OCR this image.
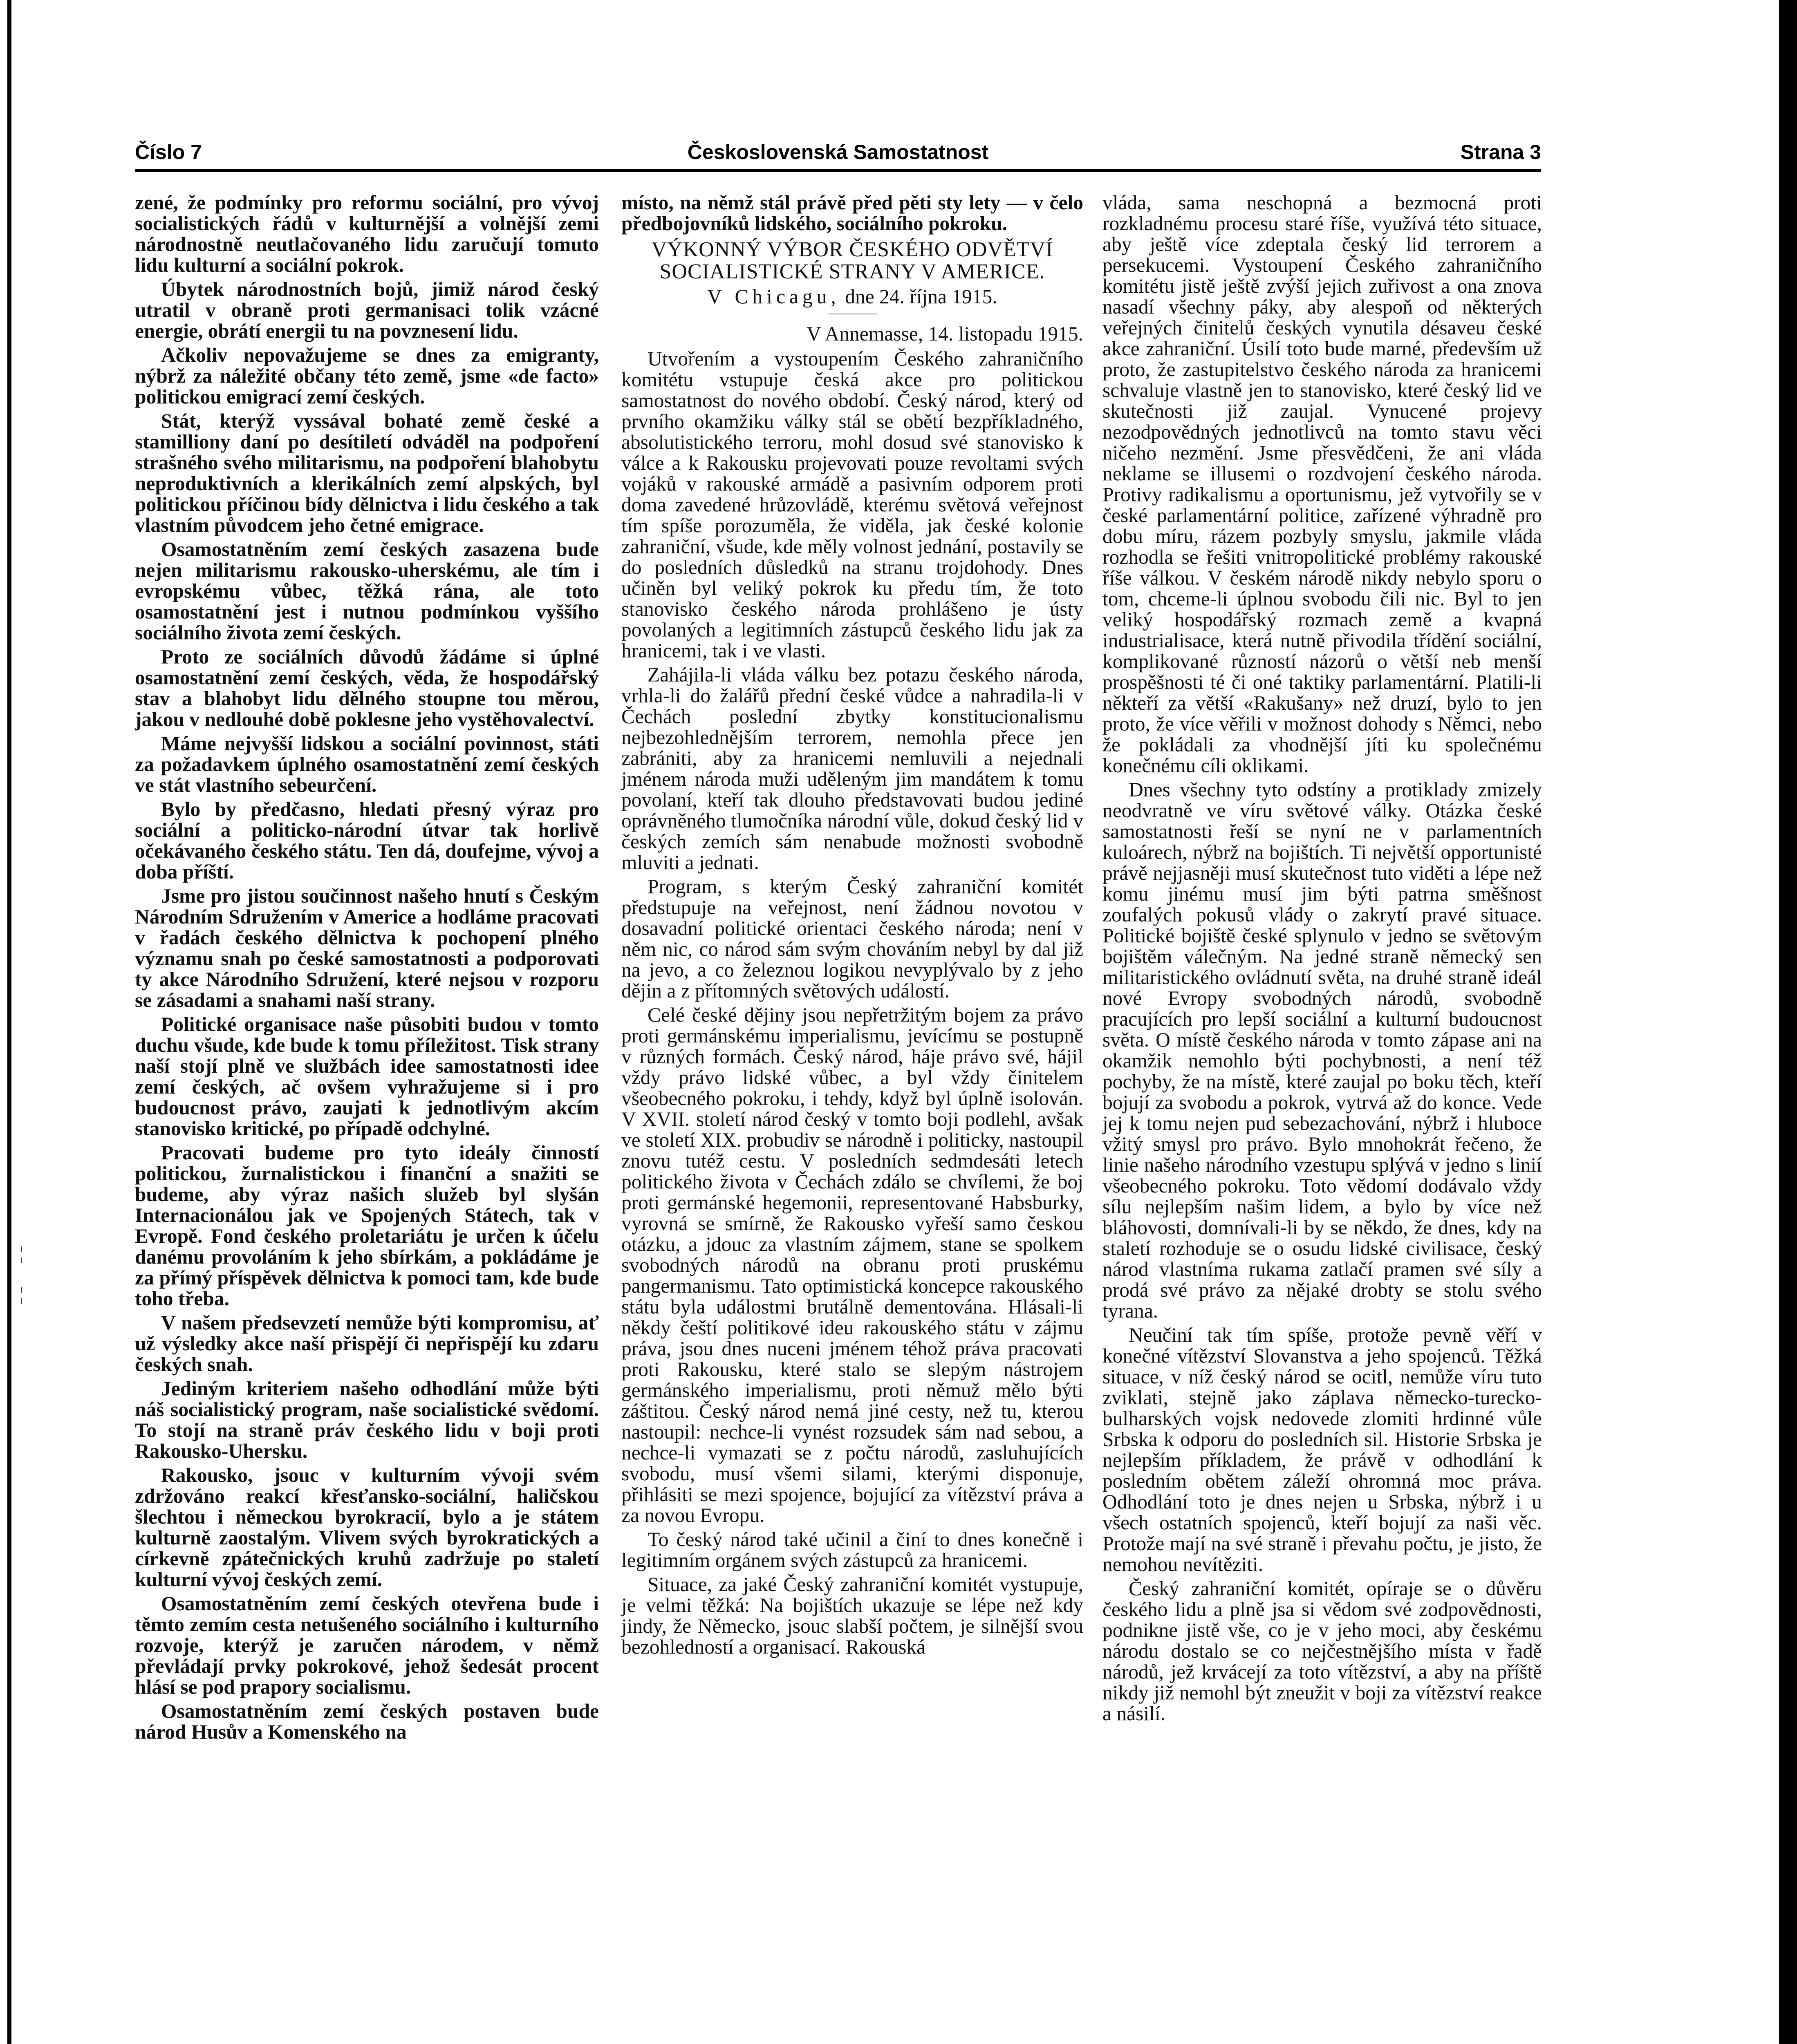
Číslo 7	Československá Samostatnost	Strana 3

zené, že podmínky pro reformu sociální, pro vývoj socialistických řádů v kulturnější a volnější zemi národnostně neutlačovaného lidu zaručují tomuto lidu kulturní a sociální pokrok.

Úbytek národnostních bojů, jimiž národ český utratil v obraně proti germanisaci tolik vzácné energie, obrátí energii tu na povznesení lidu.

Ačkoliv nepovažujeme se dnes za emigranty, nýbrž za náležité občany této země, jsme «de facto» politickou emigrací zemí českých.

Stát, kterýž vyssával bohaté země české a stamilliony daní po desítiletí odváděl na podpoření strašného svého militarismu, na podpoření blahobytu neproduktivních a klerikálních zemí alpských, byl politickou příčinou bídy dělnictva i lidu českého a tak vlastním původcem jeho četné emigrace.

Osamostatněním zemí českých zasazena bude nejen militarismu rakousko-uherskému, ale tím i evropskému vůbec, těžká rána, ale toto osamostatnění jest i nutnou podmínkou vyššího sociálního života zemí českých.

Proto ze sociálních důvodů žádáme si úplné osamostatnění zemí českých, věda, že hospodářský stav a blahobyt lidu dělného stoupne tou měrou, jakou v nedlouhé době poklesne jeho vystěhovalectví.

Máme nejvyšší lidskou a sociální povinnost, státi za požadavkem úplného osamostatnění zemí českých ve stát vlastního sebeurčení.

Bylo by předčasno, hledati přesný výraz pro sociální a politicko-národní útvar tak horlivě očekávaného českého státu. Ten dá, doufejme, vývoj a doba příští.

Jsme pro jistou součinnost našeho hnutí s Českým Národním Sdružením v Americe a hodláme pracovati v řadách českého dělnictva k pochopení plného významu snah po české samostatnosti a podporovati ty akce Národního Sdružení, které nejsou v rozporu se zásadami a snahami naší strany.

Politické organisace naše působiti budou v tomto duchu všude, kde bude k tomu příležitost. Tisk strany naší stojí plně ve službách idee samostatnosti idee zemí českých, ač ovšem vyhražujeme si i pro budoucnost právo, zaujati k jednotlivým akcím stanovisko kritické, po případě odchylné.

Pracovati budeme pro tyto ideály činností politickou, žurnalistickou i finanční a snažiti se budeme, aby výraz našich služeb byl slyšán Internacionálou jak ve Spojených Státech, tak v Evropě. Fond českého proletariátu je určen k účelu danému provoláním k jeho sbírkám, a pokládáme je za přímý příspěvek dělnictva k pomoci tam, kde bude toho třeba.

V našem předsevzetí nemůže býti kompromisu, ať už výsledky akce naší přispějí či nepřispějí ku zdaru českých snah.

Jediným kriteriem našeho odhodlání může býti náš socialistický program, naše socialistické svědomí. To stojí na straně práv českého lidu v boji proti Rakousko-Uhersku.

Rakousko, jsouc v kulturním vývoji svém zdržováno reakcí křesťansko-sociální, haličskou šlechtou i německou byrokracií, bylo a je státem kulturně zaostalým. Vlivem svých byrokratických a církevně zpátečnických kruhů zadržuje po staletí kulturní vývoj českých zemí.

Osamostatněním zemí českých otevřena bude i těmto zemím cesta netušeného sociálního i kulturního rozvoje, kterýž je zaručen národem, v němž převládají prvky pokrokové, jehož šedesát procent hlásí se pod prapory socialismu.

Osamostatněním zemí českých postaven bude národ Husův a Komenského na

místo, na němž stál právě před pěti sty lety — v čelo předbojovníků lidského, sociálního pokroku.

VÝKONNÝ VÝBOR ČESKÉHO ODVĚTVÍ SOCIALISTICKÉ STRANY V AMERICE.

V Chicagu, dne 24. října 1915.

V Annemasse, 14. listopadu 1915.

Utvořením a vystoupením Českého zahraničního komitétu vstupuje česká akce pro politickou samostatnost do nového období. Český národ, který od prvního okamžiku války stál se obětí bezpříkladného, absolutistického terroru, mohl dosud své stanovisko k válce a k Rakousku projevovati pouze revoltami svých vojáků v rakouské armádě a pasivním odporem proti doma zavedené hrůzovládě, kterému světová veřejnost tím spíše porozuměla, že viděla, jak české kolonie zahraniční, všude, kde měly volnost jednání, postavily se do posledních důsledků na stranu trojdohody. Dnes učiněn byl veliký pokrok ku předu tím, že toto stanovisko českého národa prohlášeno je ústy povolaných a legitimních zástupců českého lidu jak za hranicemi, tak i ve vlasti.

Zahájila-li vláda válku bez potazu českého národa, vrhla-li do žalářů přední české vůdce a nahradila-li v Čechách poslední zbytky konstitucionalismu nejbezohlednějším terrorem, nemohla přece jen zabrániti, aby za hranicemi nemluvili a nejednali jménem národa muži uděleným jim mandátem k tomu povolaní, kteří tak dlouho představovati budou jediné oprávněného tlumočníka národní vůle, dokud český lid v českých zemích sám nenabude možnosti svobodně mluviti a jednati.

Program, s kterým Český zahraniční komitét předstupuje na veřejnost, není žádnou novotou v dosavadní politické orientaci českého národa; není v něm nic, co národ sám svým chováním nebyl by dal již na jevo, a co železnou logikou nevyplývalo by z jeho dějin a z přítomných světových událostí.

Celé české dějiny jsou nepřetržitým bojem za právo proti germánskému imperialismu, jevícímu se postupně v různých formách. Český národ, háje právo své, hájil vždy právo lidské vůbec, a byl vždy činitelem všeobecného pokroku, i tehdy, když byl úplně isolován. V XVII. století národ český v tomto boji podlehl, avšak ve století XIX. probudiv se národně i politicky, nastoupil znovu tutéž cestu. V posledních sedmdesáti letech politického života v Čechách zdálo se chvílemi, že boj proti germánské hegemonii, representované Habsburky, vyrovná se smírně, že Rakousko vyřeší samo českou otázku, a jdouc za vlastním zájmem, stane se spolkem svobodných národů na obranu proti pruskému pangermanismu. Tato optimistická koncepce rakouského státu byla událostmi brutálně dementována. Hlásali-li někdy čeští politikové ideu rakouského státu v zájmu práva, jsou dnes nuceni jménem téhož práva pracovati proti Rakousku, které stalo se slepým nástrojem germánského imperialismu, proti němuž mělo býti záštitou. Český národ nemá jiné cesty, než tu, kterou nastoupil: nechce-li vynést rozsudek sám nad sebou, a nechce-li vymazati se z počtu národů, zasluhujících svobodu, musí všemi silami, kterými disponuje, přihlásiti se mezi spojence, bojující za vítězství práva a za novou Evropu.

To český národ také učinil a činí to dnes konečně i legitimním orgánem svých zástupců za hranicemi.

Situace, za jaké Český zahraniční komitét vystupuje, je velmi těžká: Na bojištích ukazuje se lépe než kdy jindy, že Německo, jsouc slabší počtem, je silnější svou bezohledností a organisací. Rakouská

vláda, sama neschopná a bezmocná proti rozkladnému procesu staré říše, využívá této situace, aby ještě více zdeptala český lid terrorem a persekucemi. Vystoupení Českého zahraničního komitétu jistě ještě zvýší jejich zuřivost a ona znova nasadí všechny páky, aby alespoň od některých veřejných činitelů českých vynutila désaveu české akce zahraniční. Úsilí toto bude marné, především už proto, že zastupitelstvo českého národa za hranicemi schvaluje vlastně jen to stanovisko, které český lid ve skutečnosti již zaujal. Vynucené projevy nezodpovědných jednotlivců na tomto stavu věci ničeho nezmění. Jsme přesvědčeni, že ani vláda neklame se illusemi o rozdvojení českého národa. Protivy radikalismu a oportunismu, jež vytvořily se v české parlamentární politice, zařízené výhradně pro dobu míru, rázem pozbyly smyslu, jakmile vláda rozhodla se řešiti vnitropolitické problémy rakouské říše válkou. V českém národě nikdy nebylo sporu o tom, chceme-li úplnou svobodu čili nic. Byl to jen veliký hospodářský rozmach země a kvapná industrialisace, která nutně přivodila třídění sociální, komplikované růzností názorů o větší neb menší prospěšnosti té či oné taktiky parlamentární. Platili-li někteří za větší «Rakušany» než druzí, bylo to jen proto, že více věřili v možnost dohody s Němci, nebo že pokládali za vhodnější jíti ku společnému konečnému cíli oklikami.

Dnes všechny tyto odstíny a protiklady zmizely neodvratně ve víru světové války. Otázka české samostatnosti řeší se nyní ne v parlamentních kuloárech, nýbrž na bojištích. Ti největší opportunisté právě nejjasněji musí skutečnost tuto viděti a lépe než komu jinému musí jim býti patrna směšnost zoufalých pokusů vlády o zakrytí pravé situace. Politické bojiště české splynulo v jedno se světovým bojištěm válečným. Na jedné straně německý sen militaristického ovládnutí světa, na druhé straně ideál nové Evropy svobodných národů, svobodně pracujících pro lepší sociální a kulturní budoucnost světa. O místě českého národa v tomto zápase ani na okamžik nemohlo býti pochybnosti, a není též pochyby, že na místě, které zaujal po boku těch, kteří bojují za svobodu a pokrok, vytrvá až do konce. Vede jej k tomu nejen pud sebezachování, nýbrž i hluboce vžitý smysl pro právo. Bylo mnohokrát řečeno, že linie našeho národního vzestupu splývá v jedno s linií všeobecného pokroku. Toto vědomí dodávalo vždy sílu nejlepším našim lidem, a bylo by více než bláhovosti, domnívali-li by se někdo, že dnes, kdy na staletí rozhoduje se o osudu lidské civilisace, český národ vlastníma rukama zatlačí pramen své síly a prodá své právo za nějaké drobty se stolu svého tyrana.

Neučiní tak tím spíše, protože pevně věří v konečné vítězství Slovanstva a jeho spojenců. Těžká situace, v níž český národ se ocitl, nemůže víru tuto zviklati, stejně jako záplava německo-turecko-bulharských vojsk nedovede zlomiti hrdinné vůle Srbska k odporu do posledních sil. Historie Srbska je nejlepším příkladem, že právě v odhodlání k posledním obětem záleží ohromná moc práva. Odhodlání toto je dnes nejen u Srbska, nýbrž i u všech ostatních spojenců, kteří bojují za naši věc. Protože mají na své straně i převahu počtu, je jisto, že nemohou nevítěziti.

Český zahraniční komitét, opíraje se o důvěru českého lidu a plně jsa si vědom své zodpovědnosti, podnikne jistě vše, co je v jeho moci, aby českému národu dostalo se co nejčestnějšího místa v řadě národů, jež krvácejí za toto vítězství, a aby na příště nikdy již nemohl být zneužit v boji za vítězství reakce a násilí.

¦
¦
